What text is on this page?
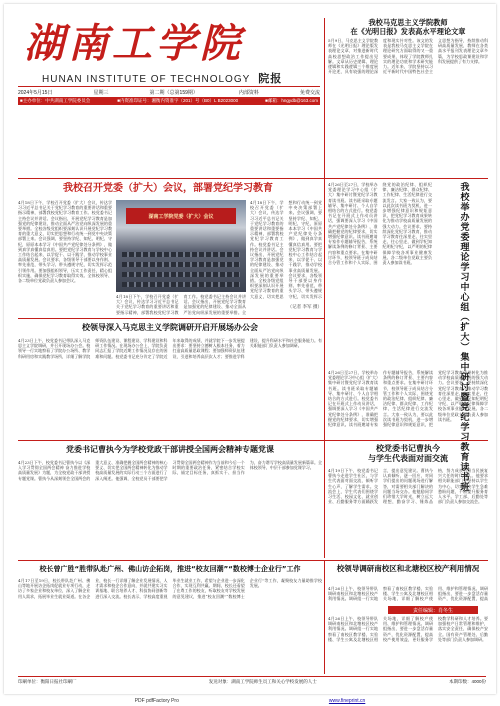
湖南工学院
HUNAN INSTITUTE OF TECHNOLOGY 院报
2024年5月15日	星期三	第二期（总第159期）	内部资料	免费交流
■主办单位：中共湖南工学院委员会	■内资准印证号：湘衡内资准字（201）号（B0）L B2023000	■邮箱：hngydb@163.com
我校马克思主义学院教师
在《光明日报》发表高水平理论文章
5月9日，马克思主义学院教师在《光明日报》理论版发表理论文章，对推进新时代高校思想政治工作提出见解。文章从历史逻辑、理论逻辑和实践逻辑三个维度展开论述，具有较强的理论深度和现实针对性。该文的发表是我校马克思主义学院在理论研究方面取得的又一重要成果，体现了学院教师扎实的理论功底和学术研究能力。近年来，学院坚持以习近平新时代中国特色社会主义思想为指导，持续推动科研高质量发展，教师在各类高水平报刊发表理论文章多篇，为学校思政课建设和学科发展提供了有力支撑。
我校召开党委（扩大）会议，部署党纪学习教育
4月18日下午，学校召开党委（扩大）会议，传达学习习近平总书记关于党纪学习教育的重要讲话和重要指示精神，部署我校党纪学习教育工作。校党委书记主持会议并讲话。会议指出，开展党纪学习教育是加强党的纪律建设、推动全面从严治党向纵深发展的重要举措。全校各级党组织要深刻认识开展党纪学习教育的重大意义，切实把思想和行动统一到党中央决策部署上来。会议强调，要坚持学纪、知纪、明纪、守纪，原原本本学习《中国共产党纪律处分条例》，做到真学真懂真信真用。要把党纪学习教育与学校中心工作结合起来，以学促干、以干践学，推动学校事业高质量发展。会议要求，各级领导干部要以身作则、率先垂范，带头学习、带头遵规守纪，切实发挥示范引领作用。要加强组织领导，压实工作责任，精心组织实施，确保党纪学习教育取得实效。全体校领导、各二级单位党政负责人参加会议。
湖南工学院党委（扩大）会议
4月18日下午，学校召开党委（扩大）会议，传达学习习近平总书记关于党纪学习教育的重要讲话和重要指示精神，部署我校党纪学习教育工作。校党委书记主持会议并讲话。会议指出，开展党纪学习教育是加强党的纪律建设、推动全面从严治党向纵深发展的重要举措。全
4月18日下午，学校召开党委（扩大）会议，传达学习习近平总书记关于党纪学习教育的重要讲话和重要指示精神，部署我校党纪学习教育工作。校党委书记主持会议并讲话。会议指出，开展党纪学习教育是加强党的纪律建设、推动全面从严治党向纵深发展的重要举措。全校各级党组织要深刻认识开展党纪学习教育的重大意义，切实把思想和行动统一到党中央决策部署上来。会议强调，要坚持学纪、知纪、明纪、守纪，原原本本学习《中国共产党纪律处分条例》，做到真学真懂真信真用。要把党纪学习教育与学校中心工作结合起来，以学促干、以干践学，推动学校事业高质量发展。会议要求，各级领导干部要以身作则、率先垂范，带头学习、带头遵规守纪，切实发挥示
（记者 李军 摄）
4月26日至27日，学校举办党委理论学习中心组（扩大）集中研讨暨党纪学习教育读书班。读书班采取专题辅导、集中研讨、个人自学相结合的方式进行。校党委书记在开班式上作动员讲话，强调要深入学习《中国共产党纪律处分条例》，准确把握党的纪律要求，切实增强纪律意识。读书班邀请专家作专题辅导报告，系统解读条例的修订背景、主要内容和重点要求。在集中研讨环节，校领导班子成员结合分管工作和个人实际，围绕党的政治纪律、组织纪律、廉洁纪律、群众纪律、工作纪律、生活纪律进行交流发言。大家一致认为，要以此次读书班为契机，进一步增强纪律意识和规矩意识，把党纪学习教育成果转化为推动学校高质量发展的强大动力。会议要求，要持续深化党纪学习教育，推动学习教育往深里走、往实里走、往心里走，做到学纪知纪明纪守纪，以严明的纪律保障学校各项事业健康发展。各二级单位党政主要负责人参加读书班。	我校举办党委理论学习中心组（扩大）集中研讨暨党纪学习教育读书班
4月26日至27日，学校举办党委理论学习中心组（扩大）集中研讨暨党纪学习教育读书班。读书班采取专题辅导、集中研讨、个人自学相结合的方式进行。校党委书记在开班式上作动员讲话，强调要深入学习《中国共产党纪律处分条例》，准确把握党的纪律要求，切实增强纪律意识。读书班邀请专家作专题辅导报告，系统解读条例的修订背景、主要内容和重点要求。在集中研讨环节，校领导班子成员结合分管工作和个人实际，围绕党的政治纪律、组织纪律、廉洁纪律、群众纪律、工作纪律、生活纪律进行交流发言。大家一致认为，要以此次读书班为契机，进一步增强纪律意识和规矩意识，把党纪学习教育成果转化为推动学校高质量发展的强大动力。会议要求，要持续深化党纪学习教育，推动学习教育往深里走、往实里走、往心里走，做到学纪知纪明纪守纪，以严明的纪律保障学校各项事业健康发展。各二级单位党政主要负责人参加读书班。
校领导深入马克思主义学院调研开启开展场办公会
4月23日上午，校党委书记带队深入马克思主义学院调研，并召开现场办公会。校领导一行实地察看了学院办公场所、教学科研用房和实践教学场所，详细了解学院师资队伍建设、课程建设、学科建设和科研工作情况。在现场办公会上，学院负责同志汇报了学院近期工作情况及存在的困难和问题。校党委书记充分肯定了学院近年来取得的成绩，并就学院下一步发展提出要求：要坚持立德树人根本任务，着力打造高质量思政课程；要加强师资队伍建设，引进和培养高层次人才；要推进学科建设，提升科研水平和社会服务能力。有关职能部门负责人参加调研。
校党委书记曹执今
与学生代表面对面交流
4月19日下午，校党委书记曹执今走进学生社区，与学生代表面对面交流，倾听学生心声，了解学生需求。交流会上，学生代表们围绕学习生活、校园文化、就业创业、后勤服务等方面踊跃发言，提出意见建议。曹执今认真倾听，逐一回应，对同学们提出的问题现场进行解答，对需要相关部门解决的问题当场交办。他勉励同学们珍惜大学时光，树立远大理想，勤奋学习、锤炼品格，努力成长为担当民族复兴大任的时代新人。他要求相关职能部门要坚持以学生为中心，切实解决学生急难愁盼问题，不断提升服务育人水平。学工部、后勤处等部门负责人参加交流会。
党委书记曹执今为学校党政干部讲授全国两会精神专题党课
4月23日下午，校党委书记曹执今以《深入学习贯彻全国两会精神 奋力推进学校高质量发展》为题，为全校党政干部讲授专题党课。曹执今从深刻领会全国两会的重大意义、准确把握全国两会精神的核心要义、切实把全国两会精神转化为推动学校高质量发展的实际行动三个方面进行了深入阐述。他强调，全校党员干部要把学习贯彻全国两会精神作为当前和今后一个时期的重要政治任务，紧密结合学校实际，锚定目标任务，真抓实干、担当作为，奋力谱写学校高质量发展新篇章。全体校领导、中层干部参加党课学习。
校长曾广胜“胜带队赴广州、佛山访企拓岗，推进“校友回潮”“数校博士企业行”工作
4月17日至19日，校长带队赴广州、佛山等地开展访企拓岗促就业专项行动，走访了多家企业和校友单位，深入了解企业用人需求，拓展毕业生就业渠道。在各企业，校长一行详细了解企业发展情况、人才需求和校企合作意向，并就共建实习实训基地、联合培养人才、科技协同创新等进行深入交流。校长表示，学校高度重视毕业生就业工作，希望与企业进一步深化合作，实现互利共赢。期间，校长还看望了在粤工作的校友，听取校友对学校发展的意见建议，推进“校友回潮”“数校博士企业行”等工作，凝聚校友力量助推学校发展。
校领导调研南校区和北塘校区校产利用情况
4月26日上午，校领导带队调研南校区和北塘校区校产利用情况。调研组一行实地察看了南校区教学楼、实验楼、学生公寓及北塘校区相关场地，详细了解校产使用、维护和管理情况。调研组指出，要进一步盘活存量资产，优化资源配置，提高
责任编辑：肖冬生
4月26日上午，校领导带队调研南校区和北塘校区校产利用情况。调研组一行实地察看了南校区教学楼、实验楼、学生公寓及北塘校区相关场地，详细了解校产使用、维护和管理情况。调研组指出，要进一步盘活存量资产，优化资源配置，提高校产使用效益，更好服务学校教学科研和人才培养。要加强校产日常管理和维护，落实安全责任，确保校产安全。国有资产管理处、后勤处等部门负责人参加调研。
印刷单位：衡阳日报社印刷厂	发送对象：湖南工学院师生员工和关心学校发展的人士	本期印数：4000份
PDF pdfFactory Pro	www.fineprint.cn
